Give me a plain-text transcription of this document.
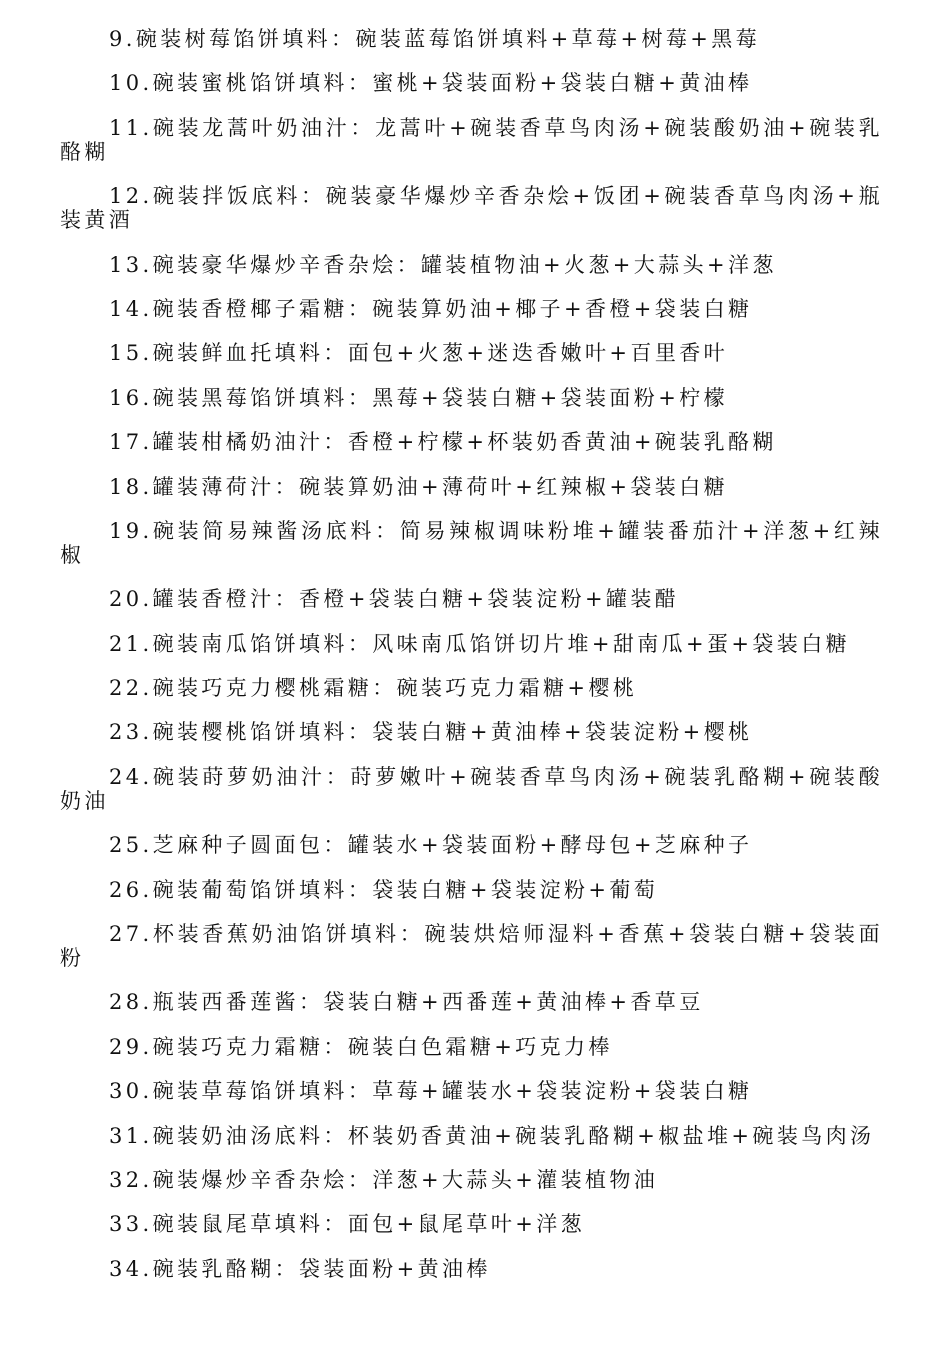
9.碗装树莓馅饼填料：碗装蓝莓馅饼填料+草莓+树莓+黑莓

10.碗装蜜桃馅饼填料：蜜桃+袋装面粉+袋装白糖+黄油棒

11.碗装龙蒿叶奶油汁：龙蒿叶+碗装香草鸟肉汤+碗装酸奶油+碗装乳酪糊

12.碗装拌饭底料：碗装豪华爆炒辛香杂烩+饭团+碗装香草鸟肉汤+瓶装黄酒

13.碗装豪华爆炒辛香杂烩：罐装植物油+火葱+大蒜头+洋葱

14.碗装香橙椰子霜糖：碗装算奶油+椰子+香橙+袋装白糖

15.碗装鲜血托填料：面包+火葱+迷迭香嫩叶+百里香叶

16.碗装黑莓馅饼填料：黑莓+袋装白糖+袋装面粉+柠檬

17.罐装柑橘奶油汁：香橙+柠檬+杯装奶香黄油+碗装乳酪糊

18.罐装薄荷汁：碗装算奶油+薄荷叶+红辣椒+袋装白糖

19.碗装简易辣酱汤底料：简易辣椒调味粉堆+罐装番茄汁+洋葱+红辣椒

20.罐装香橙汁：香橙+袋装白糖+袋装淀粉+罐装醋

21.碗装南瓜馅饼填料：风味南瓜馅饼切片堆+甜南瓜+蛋+袋装白糖

22.碗装巧克力樱桃霜糖：碗装巧克力霜糖+樱桃

23.碗装樱桃馅饼填料：袋装白糖+黄油棒+袋装淀粉+樱桃

24.碗装莳萝奶油汁：莳萝嫩叶+碗装香草鸟肉汤+碗装乳酪糊+碗装酸奶油

25.芝麻种子圆面包：罐装水+袋装面粉+酵母包+芝麻种子

26.碗装葡萄馅饼填料：袋装白糖+袋装淀粉+葡萄

27.杯装香蕉奶油馅饼填料：碗装烘焙师湿料+香蕉+袋装白糖+袋装面粉

28.瓶装西番莲酱：袋装白糖+西番莲+黄油棒+香草豆

29.碗装巧克力霜糖：碗装白色霜糖+巧克力棒

30.碗装草莓馅饼填料：草莓+罐装水+袋装淀粉+袋装白糖

31.碗装奶油汤底料：杯装奶香黄油+碗装乳酪糊+椒盐堆+碗装鸟肉汤

32.碗装爆炒辛香杂烩：洋葱+大蒜头+灌装植物油

33.碗装鼠尾草填料：面包+鼠尾草叶+洋葱

34.碗装乳酪糊：袋装面粉+黄油棒
